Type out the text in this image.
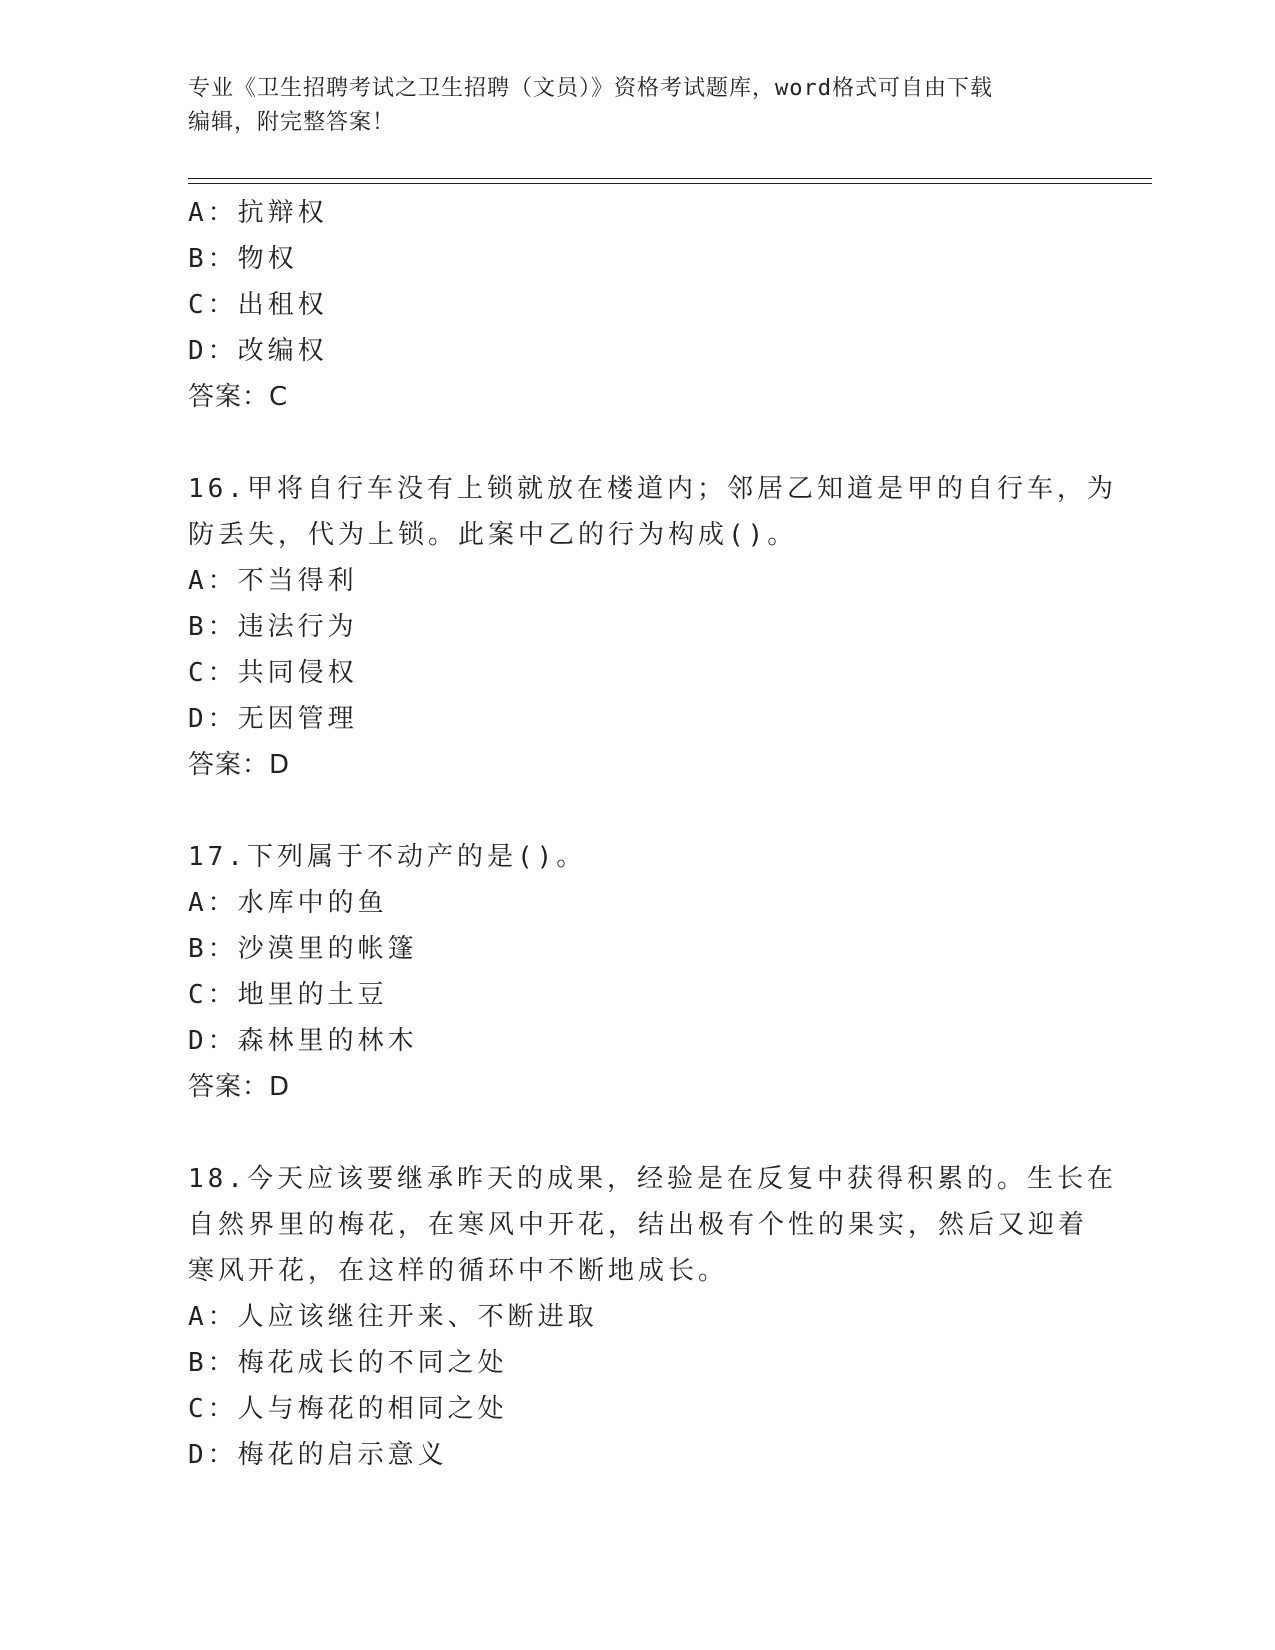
专业《卫生招聘考试之卫生招聘（文员）》资格考试题库，word格式可自由下载
编辑，附完整答案！
A：抗辩权
B：物权
C：出租权
D：改编权
答案：C
16.甲将自行车没有上锁就放在楼道内；邻居乙知道是甲的自行车，为
防丢失，代为上锁。此案中乙的行为构成()。
A：不当得利
B：违法行为
C：共同侵权
D：无因管理
答案：D
17.下列属于不动产的是()。
A：水库中的鱼
B：沙漠里的帐篷
C：地里的土豆
D：森林里的林木
答案：D
18.今天应该要继承昨天的成果，经验是在反复中获得积累的。生长在
自然界里的梅花，在寒风中开花，结出极有个性的果实，然后又迎着
寒风开花，在这样的循环中不断地成长。
A：人应该继往开来、不断进取
B：梅花成长的不同之处
C：人与梅花的相同之处
D：梅花的启示意义
